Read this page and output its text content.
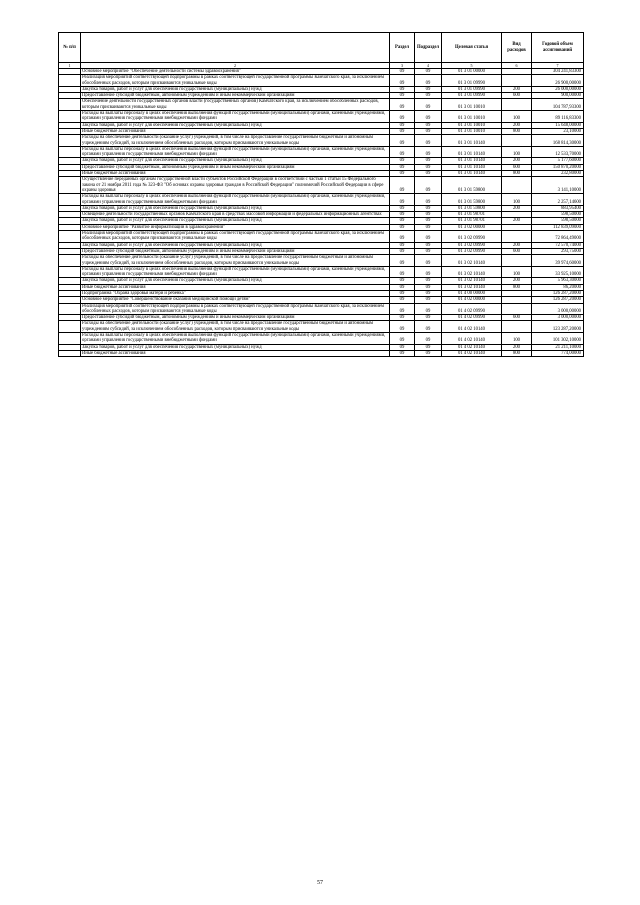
№ п/п		Раздел	Подраздел	Целевая статья	Вид расходов	Годовой объем ассигнований
1	2	3	4	5	6	7
	Основное мероприятие "Обеспечение деятельности системы здравоохранения"	09	09	01 3 01 00000		304 241,83300
	Реализация мероприятий соответствующей подпрограммы в рамках соответствующей государственной программы Камчатского края, за исключением обособленных расходов, которым присваиваются уникальные коды	09	09	01 3 01 09990		26 900,00000
	Закупка товаров, работ и услуг для обеспечения государственных (муниципальных) нужд	09	09	01 3 01 09990	200	26 000,00000
	Предоставление субсидий бюджетным, автономным учреждениям и иным некоммерческим организациям	09	09	01 3 01 09990	600	900,00000
	Обеспечение деятельности государственных органов власти (государственных органов) Камчатского края, за исключением обособленных расходов, которым присваиваются уникальные коды	09	09	01 3 01 10010		104 787,93300
	Расходы на выплаты персоналу в целях обеспечения выполнения функций государственными (муниципальными) органами, казенными учреждениями, органами управления государственными внебюджетными фондами	09	09	01 3 01 10010	100	89 116,83300
	Закупка товаров, работ и услуг для обеспечения государственных (муниципальных) нужд	09	09	01 3 01 10010	200	15 648,00000
	Иные бюджетные ассигнования	09	09	01 3 01 10010	800	23,10000
	Расходы на обеспечение деятельности (оказание услуг) учреждений, в том числе на предоставление государственным бюджетным и автономным учреждениям субсидий, за исключением обособленных расходов, которым присваиваются уникальные коды	09	09	01 3 01 10140		168 814,30000
	Расходы на выплаты персоналу в целях обеспечения выполнения функций государственными (муниципальными) органами, казенными учреждениями, органами управления государственными внебюджетными фондами	09	09	01 3 01 10140	100	12 533,70000
	Закупка товаров, работ и услуг для обеспечения государственных (муниципальных) нужд	09	09	01 3 01 10140	200	5 177,60000
	Предоставление субсидий бюджетным, автономным учреждениям и иным некоммерческим организациям	09	09	01 3 01 10140	600	150 870,20000
	Иные бюджетные ассигнования	09	09	01 3 01 10140	800	232,80000
	Осуществление переданных органам государственной власти субъектов Российской Федерации в соответствии с частью 1 статьи 15 Федерального закона от 21 ноября 2011 года № 323-ФЗ "Об основах охраны здоровья граждан в Российской Федерации" полномочий Российской Федерации в сфере охраны здоровья	09	09	01 3 01 59800		3 141,10000
	Расходы на выплаты персоналу в целях обеспечения выполнения функций государственными (муниципальными) органами, казенными учреждениями, органами управления государственными внебюджетными фондами	09	09	01 3 01 59800	100	2 257,14600
	Закупка товаров, работ и услуг для обеспечения государственных (муниципальных) нужд	09	09	01 3 01 59800	200	883,95400
	Освещение деятельности государственных органов Камчатского края в средствах массовой информации и федеральных информационных агентствах	09	09	01 3 01 98701		598,50000
	Закупка товаров, работ и услуг для обеспечения государственных (муниципальных) нужд	09	09	01 3 01 98701	200	598,50000
	Основное мероприятие "Развитие информатизации в здравоохранении"	09	09	01 3 02 00000		112 839,09000
	Реализация мероприятий соответствующей подпрограммы в рамках соответствующей государственной программы Камчатского края, за исключением обособленных расходов, которым присваиваются уникальные коды	09	09	01 3 02 09990		72 864,49000
	Закупка товаров, работ и услуг для обеспечения государственных (муниципальных) нужд	09	09	01 3 02 09990	200	72 570,74000
	Предоставление субсидий бюджетным, автономным учреждениям и иным некоммерческим организациям	09	09	01 3 02 09990	600	293,75000
	Расходы на обеспечение деятельности (оказание услуг) учреждений, в том числе на предоставление государственным бюджетным и автономным учреждениям субсидий, за исключением обособленных расходов, которым присваиваются уникальные коды	09	09	01 3 02 10140		39 974,60000
	Расходы на выплаты персоналу в целях обеспечения выполнения функций государственными (муниципальными) органами, казенными учреждениями, органами управления государственными внебюджетными фондами	09	09	01 3 02 10140	100	33 925,10000
	Закупка товаров, работ и услуг для обеспечения государственных (муниципальных) нужд	09	09	01 3 02 10140	200	5 963,30000
	Иные бюджетные ассигнования	09	09	01 3 02 10140	800	86,20000
	Подпрограмма "Охрана здоровья матери и ребенка"	09	09	01 4 00 00000		126 287,20000
	Основное мероприятие "Совершенствование оказания медицинской помощи детям"	09	09	01 4 02 00000		126 287,20000
	Реализация мероприятий соответствующей подпрограммы в рамках соответствующей государственной программы Камчатского края, за исключением обособленных расходов, которым присваиваются уникальные коды	09	09	01 4 02 09990		3 000,00000
	Предоставление субсидий бюджетным, автономным учреждениям и иным некоммерческим организациям	09	09	01 4 02 09990	600	3 000,00000
	Расходы на обеспечение деятельности (оказание услуг) учреждений, в том числе на предоставление государственным бюджетным и автономным учреждениям субсидий, за исключением обособленных расходов, которым присваиваются уникальные коды	09	09	01 4 02 10140		123 287,20000
	Расходы на выплаты персоналу в целях обеспечения выполнения функций государственными (муниципальными) органами, казенными учреждениями, органами управления государственными внебюджетными фондами	09	09	01 4 02 10140	100	101 302,10000
	Закупка товаров, работ и услуг для обеспечения государственных (муниципальных) нужд	09	09	01 4 02 10140	200	21 211,10000
	Иные бюджетные ассигнования	09	09	01 4 02 10140	800	774,00000
57
